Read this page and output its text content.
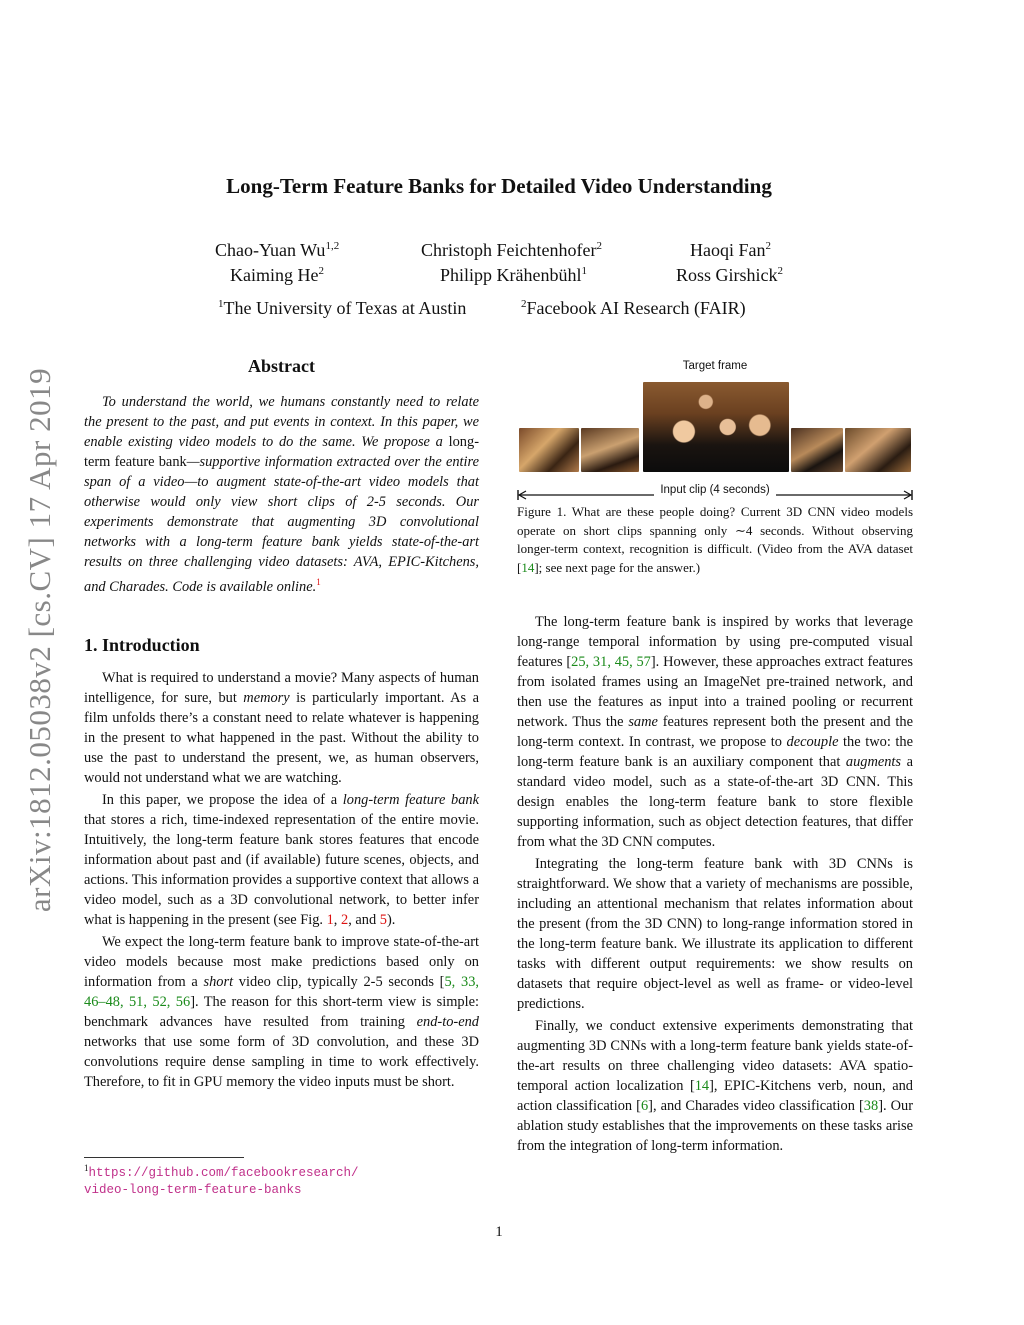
arXiv:1812.05038v2 [cs.CV] 17 Apr 2019
Long-Term Feature Banks for Detailed Video Understanding
Chao-Yuan Wu$^{1,2}$	Christoph Feichtenhofer$^2$	Haoqi Fan$^2$
Kaiming He$^2$	Philipp Krähenbühl$^1$	Ross Girshick$^2$
$^1$The University of Texas at Austin	$^2$Facebook AI Research (FAIR)
Abstract

To understand the world, we humans constantly need to relate the present to the past, and put events in context. In this paper, we enable existing video models to do the same. We propose a long-term feature bank—supportive information extracted over the entire span of a video—to augment state-of-the-art video models that otherwise would only view short clips of 2-5 seconds. Our experiments demonstrate that augmenting 3D convolutional networks with a long-term feature bank yields state-of-the-art results on three challenging video datasets: AVA, EPIC-Kitchens, and Charades. Code is available online.$^1$

1. Introduction

What is required to understand a movie? Many aspects of human intelligence, for sure, but memory is particularly important. As a film unfolds there’s a constant need to relate whatever is happening in the present to what happened in the past. Without the ability to use the past to understand the present, we, as human observers, would not understand what we are watching.

In this paper, we propose the idea of a long-term feature bank that stores a rich, time-indexed representation of the entire movie. Intuitively, the long-term feature bank stores features that encode information about past and (if available) future scenes, objects, and actions. This information provides a supportive context that allows a video model, such as a 3D convolutional network, to better infer what is happening in the present (see Fig. 1, 2, and 5).

We expect the long-term feature bank to improve state-of-the-art video models because most make predictions based only on information from a short video clip, typically 2-5 seconds [5, 33, 46–48, 51, 52, 56]. The reason for this short-term view is simple: benchmark advances have resulted from training end-to-end networks that use some form of 3D convolution, and these 3D convolutions require dense sampling in time to work effectively. Therefore, to fit in GPU memory the video inputs must be short.

$^1$https://github.com/facebookresearch/
video-long-term-feature-banks
Target frame
Input clip (4 seconds)
Figure 1. What are these people doing? Current 3D CNN video models operate on short clips spanning only ∼4 seconds. Without observing longer-term context, recognition is difficult. (Video from the AVA dataset [14]; see next page for the answer.)

The long-term feature bank is inspired by works that leverage long-range temporal information by using pre-computed visual features [25, 31, 45, 57]. However, these approaches extract features from isolated frames using an ImageNet pre-trained network, and then use the features as input into a trained pooling or recurrent network. Thus the same features represent both the present and the long-term context. In contrast, we propose to decouple the two: the long-term feature bank is an auxiliary component that augments a standard video model, such as a state-of-the-art 3D CNN. This design enables the long-term feature bank to store flexible supporting information, such as object detection features, that differ from what the 3D CNN computes.

Integrating the long-term feature bank with 3D CNNs is straightforward. We show that a variety of mechanisms are possible, including an attentional mechanism that relates information about the present (from the 3D CNN) to long-range information stored in the long-term feature bank. We illustrate its application to different tasks with different output requirements: we show results on datasets that require object-level as well as frame- or video-level predictions.

Finally, we conduct extensive experiments demonstrating that augmenting 3D CNNs with a long-term feature bank yields state-of-the-art results on three challenging video datasets: AVA spatio-temporal action localization [14], EPIC-Kitchens verb, noun, and action classification [6], and Charades video classification [38]. Our ablation study establishes that the improvements on these tasks arise from the integration of long-term information.

1
